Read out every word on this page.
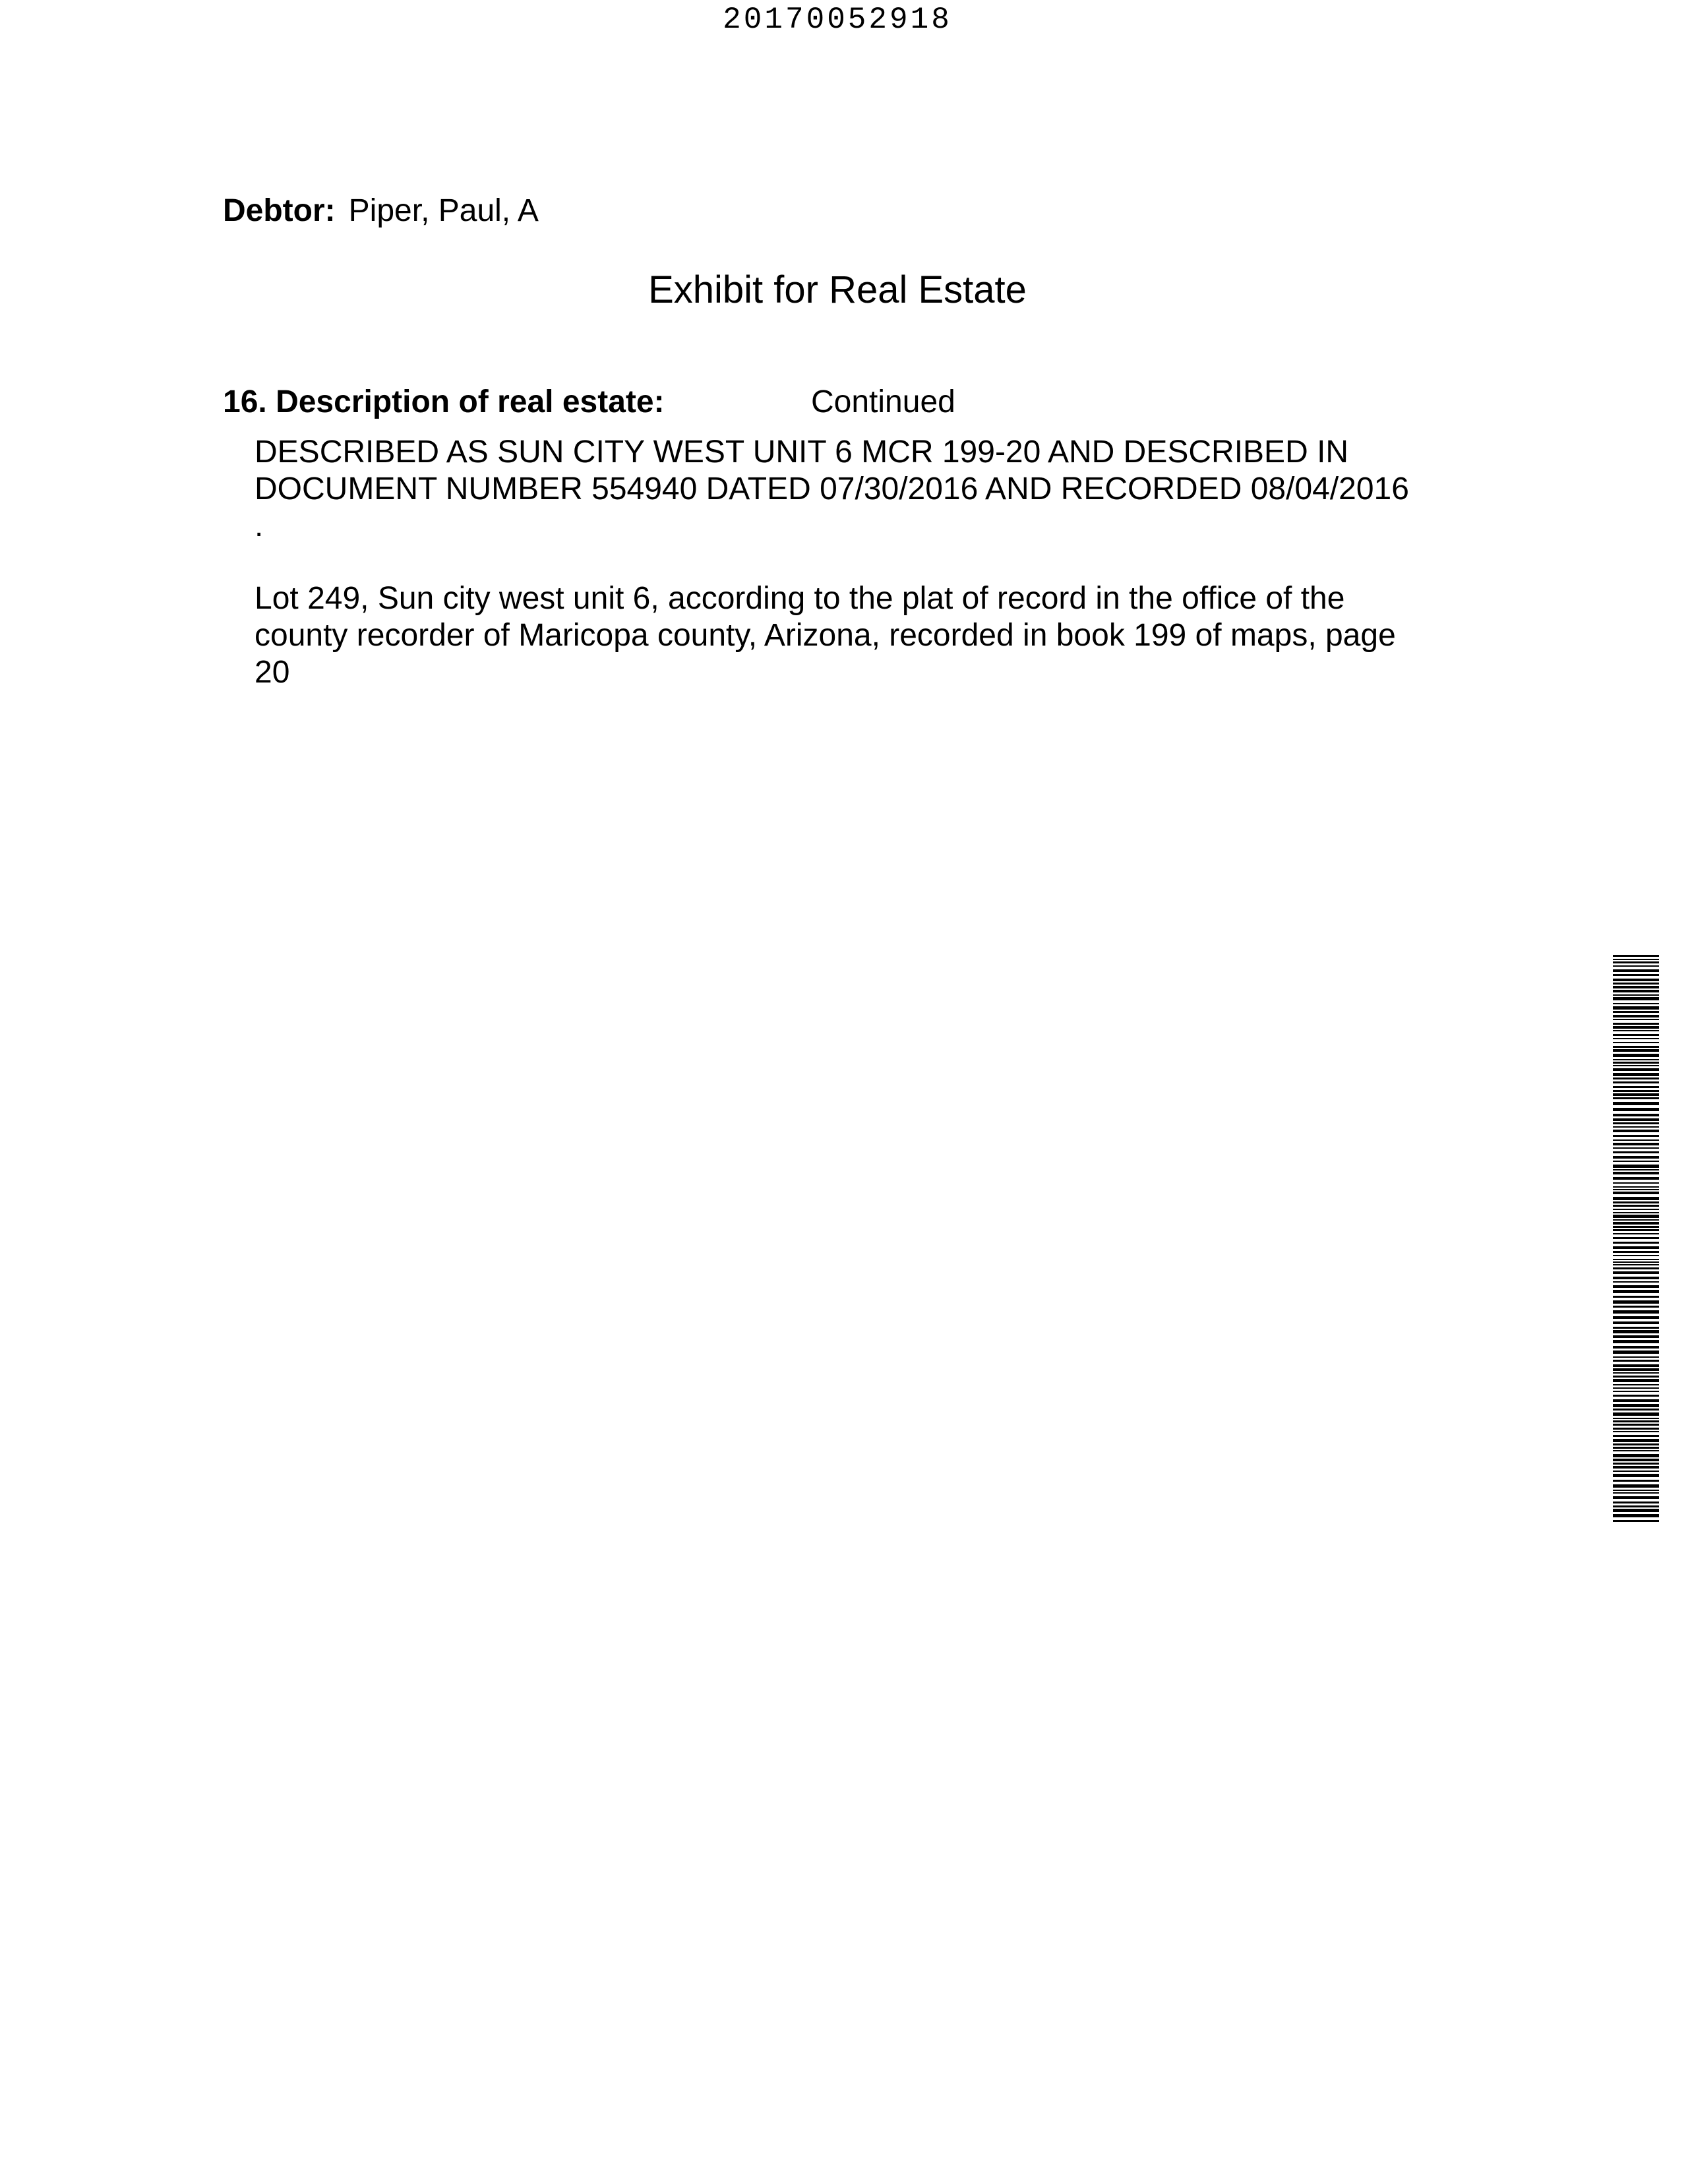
20170052918
Debtor: Piper, Paul, A
Exhibit for Real Estate
16. Description of real estate:	Continued
DESCRIBED AS SUN CITY WEST UNIT 6 MCR 199-20 AND DESCRIBED IN
DOCUMENT NUMBER 554940 DATED 07/30/2016 AND RECORDED 08/04/2016
.
Lot 249, Sun city west unit 6, according to the plat of record in the office of the
county recorder of Maricopa county, Arizona, recorded in book 199 of maps, page
20
